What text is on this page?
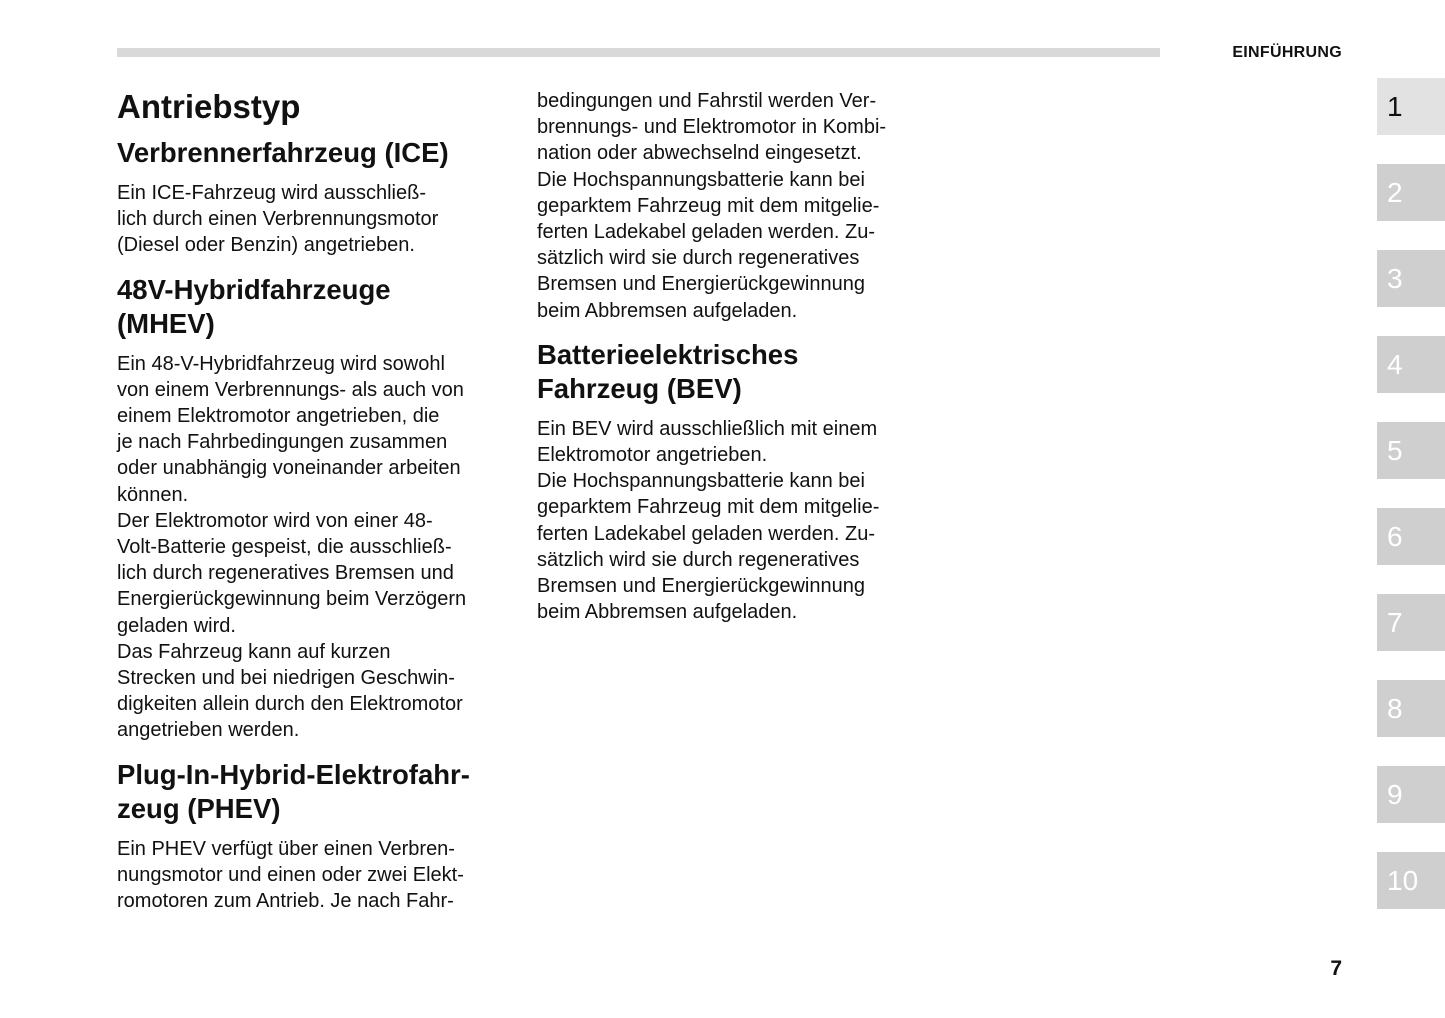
EINFÜHRUNG
Antriebstyp
Verbrennerfahrzeug (ICE)

Ein ICE-Fahrzeug wird ausschließ-
lich durch einen Verbrennungsmotor
(Diesel oder Benzin) angetrieben.

48V-Hybridfahrzeuge
(MHEV)

Ein 48-V-Hybridfahrzeug wird sowohl
von einem Verbrennungs- als auch von
einem Elektromotor angetrieben, die
je nach Fahrbedingungen zusammen
oder unabhängig voneinander arbeiten
können.
Der Elektromotor wird von einer 48-
Volt-Batterie gespeist, die ausschließ-
lich durch regeneratives Bremsen und
Energierückgewinnung beim Verzögern
geladen wird.
Das Fahrzeug kann auf kurzen
Strecken und bei niedrigen Geschwin-
digkeiten allein durch den Elektromotor
angetrieben werden.

Plug-In-Hybrid-Elektrofahr-
zeug (PHEV)

Ein PHEV verfügt über einen Verbren-
nungsmotor und einen oder zwei Elekt-
romotoren zum Antrieb. Je nach Fahr-

bedingungen und Fahrstil werden Ver-
brennungs- und Elektromotor in Kombi-
nation oder abwechselnd eingesetzt.
Die Hochspannungsbatterie kann bei
geparktem Fahrzeug mit dem mitgelie-
ferten Ladekabel geladen werden. Zu-
sätzlich wird sie durch regeneratives
Bremsen und Energierückgewinnung
beim Abbremsen aufgeladen.

Batterieelektrisches
Fahrzeug (BEV)

Ein BEV wird ausschließlich mit einem
Elektromotor angetrieben.
Die Hochspannungsbatterie kann bei
geparktem Fahrzeug mit dem mitgelie-
ferten Ladekabel geladen werden. Zu-
sätzlich wird sie durch regeneratives
Bremsen und Energierückgewinnung
beim Abbremsen aufgeladen.

1
2
3
4
5
6
7
8
9
10
7
